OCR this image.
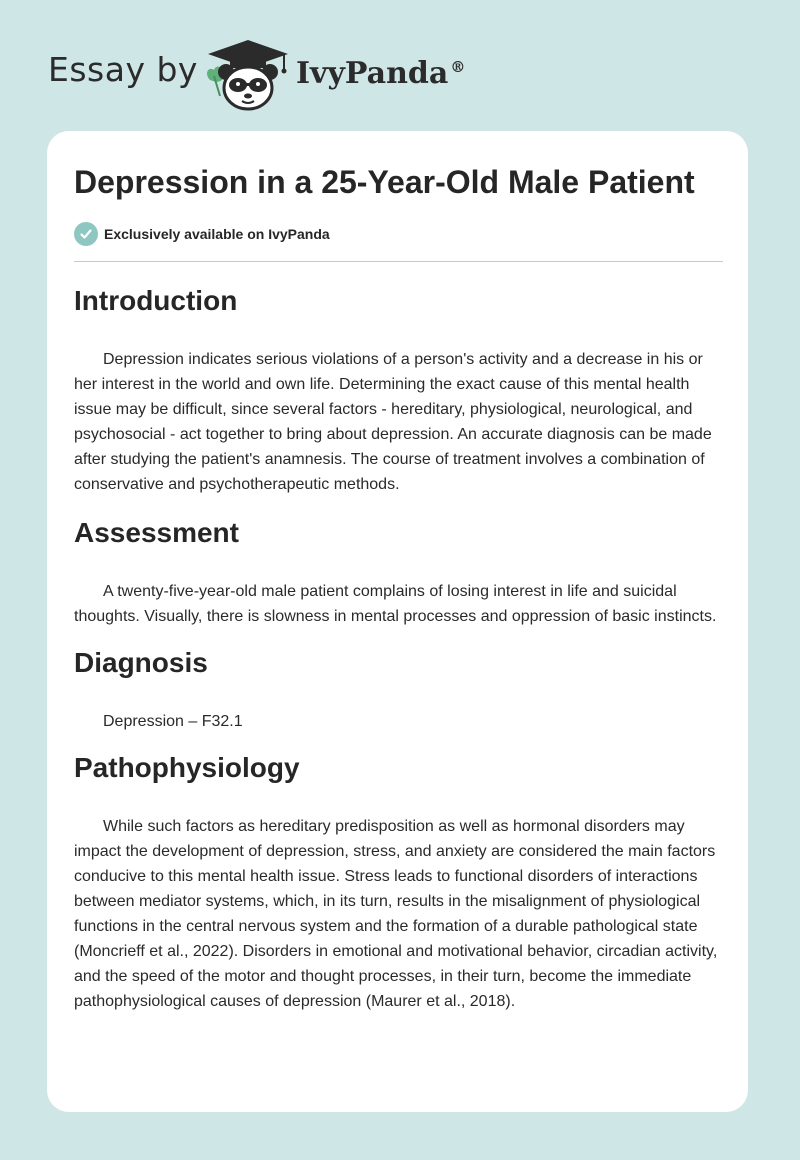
Essay by	IvyPanda ®
Depression in a 25-Year-Old Male Patient
Exclusively available on IvyPanda
Introduction

Depression indicates serious violations of a person's activity and a decrease in his or her interest in the world and own life. Determining the exact cause of this mental health issue may be difficult, since several factors - hereditary, physiological, neurological, and psychosocial - act together to bring about depression. An accurate diagnosis can be made after studying the patient's anamnesis. The course of treatment involves a combination of conservative and psychotherapeutic methods.

Assessment

A twenty-five-year-old male patient complains of losing interest in life and suicidal thoughts. Visually, there is slowness in mental processes and oppression of basic instincts.

Diagnosis

Depression – F32.1

Pathophysiology

While such factors as hereditary predisposition as well as hormonal disorders may impact the development of depression, stress, and anxiety are considered the main factors conducive to this mental health issue. Stress leads to functional disorders of interactions between mediator systems, which, in its turn, results in the misalignment of physiological functions in the central nervous system and the formation of a durable pathological state (Moncrieff et al., 2022). Disorders in emotional and motivational behavior, circadian activity, and the speed of the motor and thought processes, in their turn, become the immediate pathophysiological causes of depression (Maurer et al., 2018).
